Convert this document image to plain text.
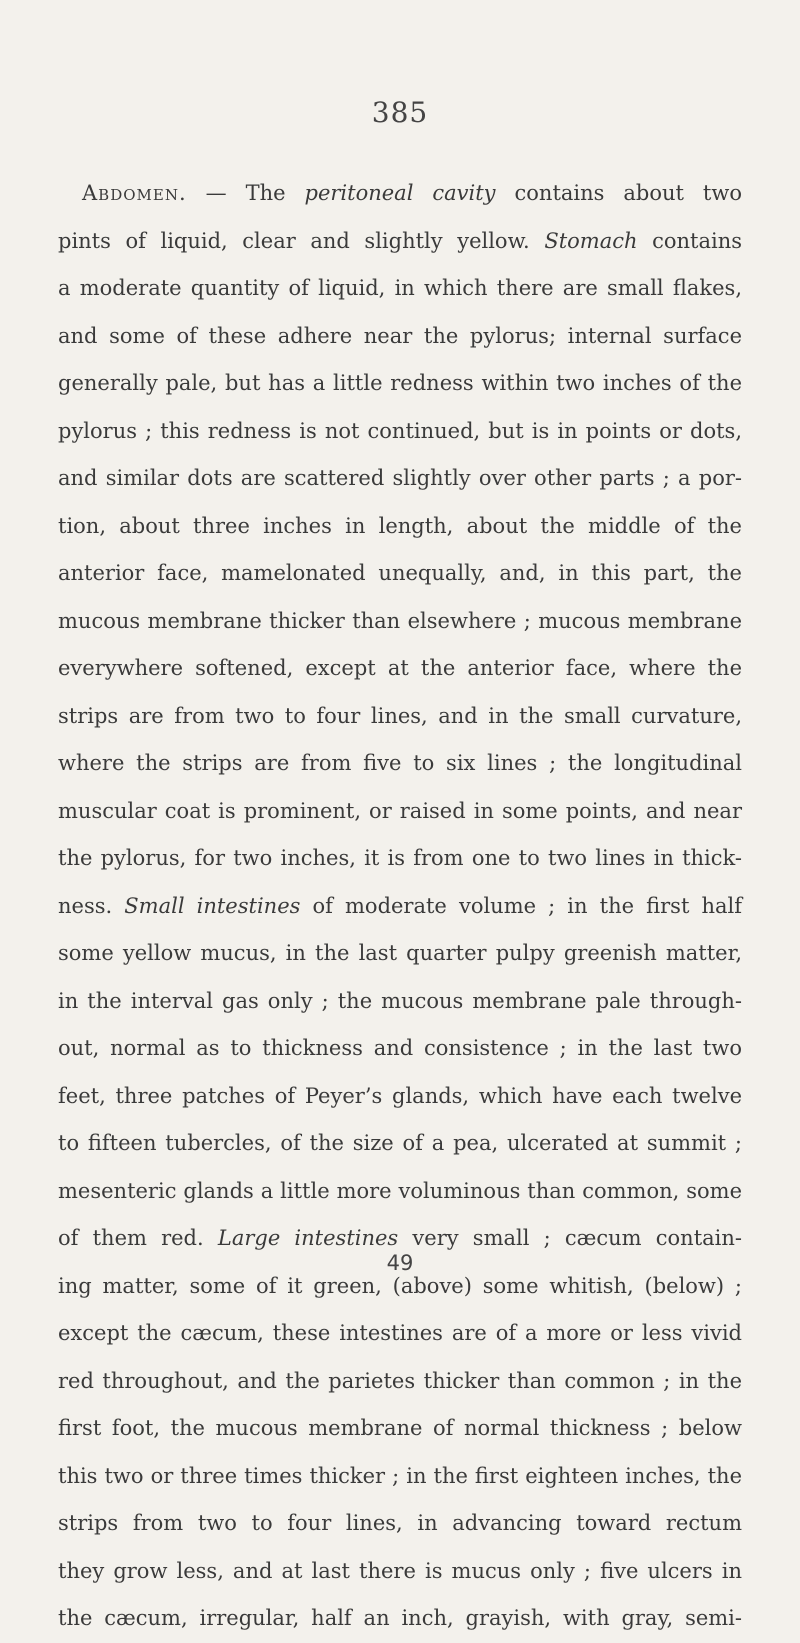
385
Abdomen. — The peritoneal cavity contains about two
pints of liquid, clear and slightly yellow. Stomach contains
a moderate quantity of liquid, in which there are small flakes,
and some of these adhere near the pylorus; internal surface
generally pale, but has a little redness within two inches of the
pylorus ; this redness is not continued, but is in points or dots,
and similar dots are scattered slightly over other parts ; a por-
tion, about three inches in length, about the middle of the
anterior face, mamelonated unequally, and, in this part, the
mucous membrane thicker than elsewhere ; mucous membrane
everywhere softened, except at the anterior face, where the
strips are from two to four lines, and in the small curvature,
where the strips are from five to six lines ; the longitudinal
muscular coat is prominent, or raised in some points, and near
the pylorus, for two inches, it is from one to two lines in thick-
ness. Small intestines of moderate volume ; in the first half
some yellow mucus, in the last quarter pulpy greenish matter,
in the interval gas only ; the mucous membrane pale through-
out, normal as to thickness and consistence ; in the last two
feet, three patches of Peyer’s glands, which have each twelve
to fifteen tubercles, of the size of a pea, ulcerated at summit ;
mesenteric glands a little more voluminous than common, some
of them red. Large intestines very small ; cæcum contain-
ing matter, some of it green, (above) some whitish, (below) ;
except the cæcum, these intestines are of a more or less vivid
red throughout, and the parietes thicker than common ; in the
first foot, the mucous membrane of normal thickness ; below
this two or three times thicker ; in the first eighteen inches, the
strips from two to four lines, in advancing toward rectum
they grow less, and at last there is mucus only ; five ulcers in
the cæcum, irregular, half an inch, grayish, with gray, semi-
49
